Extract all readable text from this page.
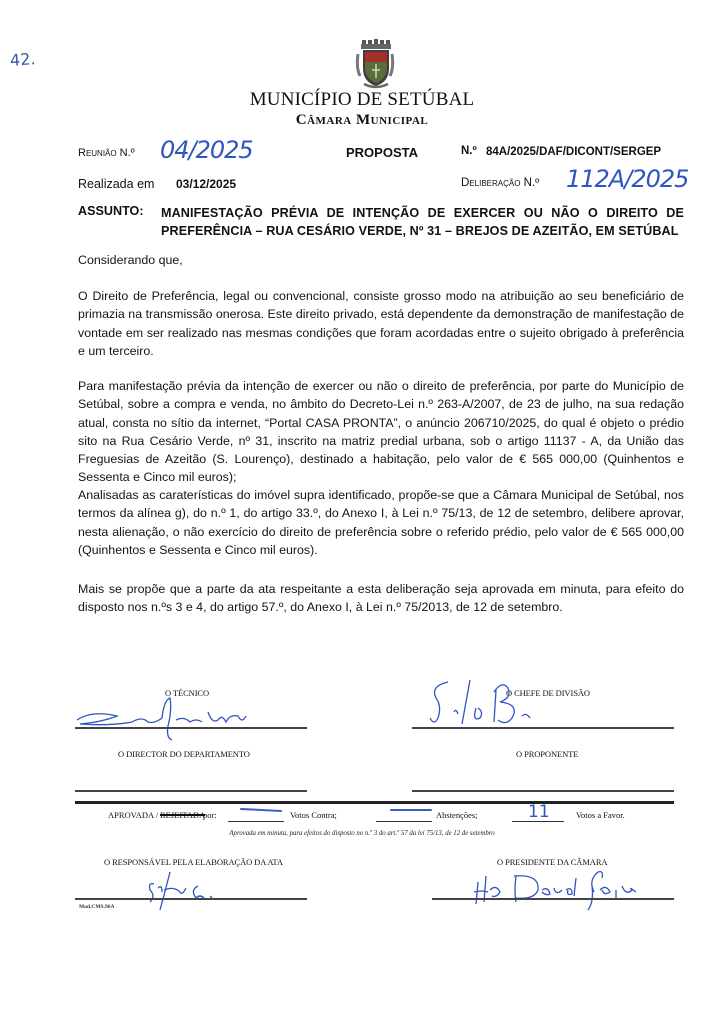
42.
MUNICÍPIO DE SETÚBAL
Câmara Municipal
Reunião N.º 04/2025	PROPOSTA	N.º 84A/2025/DAF/DICONT/SERGEP
Realizada em 03/12/2025	Deliberação N.º 112A/2025
ASSUNTO: MANIFESTAÇÃO PRÉVIA DE INTENÇÃO DE EXERCER OU NÃO O DIREITO DE
PREFERÊNCIA – RUA CESÁRIO VERDE, Nº 31 – BREJOS DE AZEITÃO, EM SETÚBAL
Considerando que,
O Direito de Preferência, legal ou convencional, consiste grosso modo na atribuição ao seu beneficiário de primazia na transmissão onerosa. Este direito privado, está dependente da demonstração de manifestação de vontade em ser realizado nas mesmas condições que foram acordadas entre o sujeito obrigado à preferência e um terceiro.
Para manifestação prévia da intenção de exercer ou não o direito de preferência, por parte do Município de Setúbal, sobre a compra e venda, no âmbito do Decreto-Lei n.º 263-A/2007, de 23 de julho, na sua redação atual, consta no sítio da internet, “Portal CASA PRONTA”, o anúncio 206710/2025, do qual é objeto o prédio sito na Rua Cesário Verde, nº 31, inscrito na matriz predial urbana, sob o artigo 11137 - A, da União das Freguesias de Azeitão (S. Lourenço), destinado a habitação, pelo valor de € 565 000,00 (Quinhentos e Sessenta e Cinco mil euros);
Analisadas as caraterísticas do imóvel supra identificado, propõe-se que a Câmara Municipal de Setúbal, nos termos da alínea g), do n.º 1, do artigo 33.º, do Anexo I, à Lei n.º 75/13, de 12 de setembro, delibere aprovar, nesta alienação, o não exercício do direito de preferência sobre o referido prédio, pelo valor de € 565 000,00 (Quinhentos e Sessenta e Cinco mil euros).
Mais se propõe que a parte da ata respeitante a esta deliberação seja aprovada em minuta, para efeito do disposto nos n.ºs 3 e 4, do artigo 57.º, do Anexo I, à Lei n.º 75/2013, de 12 de setembro.
O TÉCNICO	O CHEFE DE DIVISÃO
O DIRECTOR DO DEPARTAMENTO	O PROPONENTE
APROVADA / REJEITADA
por:	Votos Contra;	Abstenções;	11	Votos a Favor.
Aprovada em minuta, para efeitos do disposto no n.º 3 do art.º 57 da lei 75/13, de 12 de setembro
O RESPONSÁVEL PELA ELABORAÇÃO DA ATA
Mod.CMS.96A
O PRESIDENTE DA CÂMARA
